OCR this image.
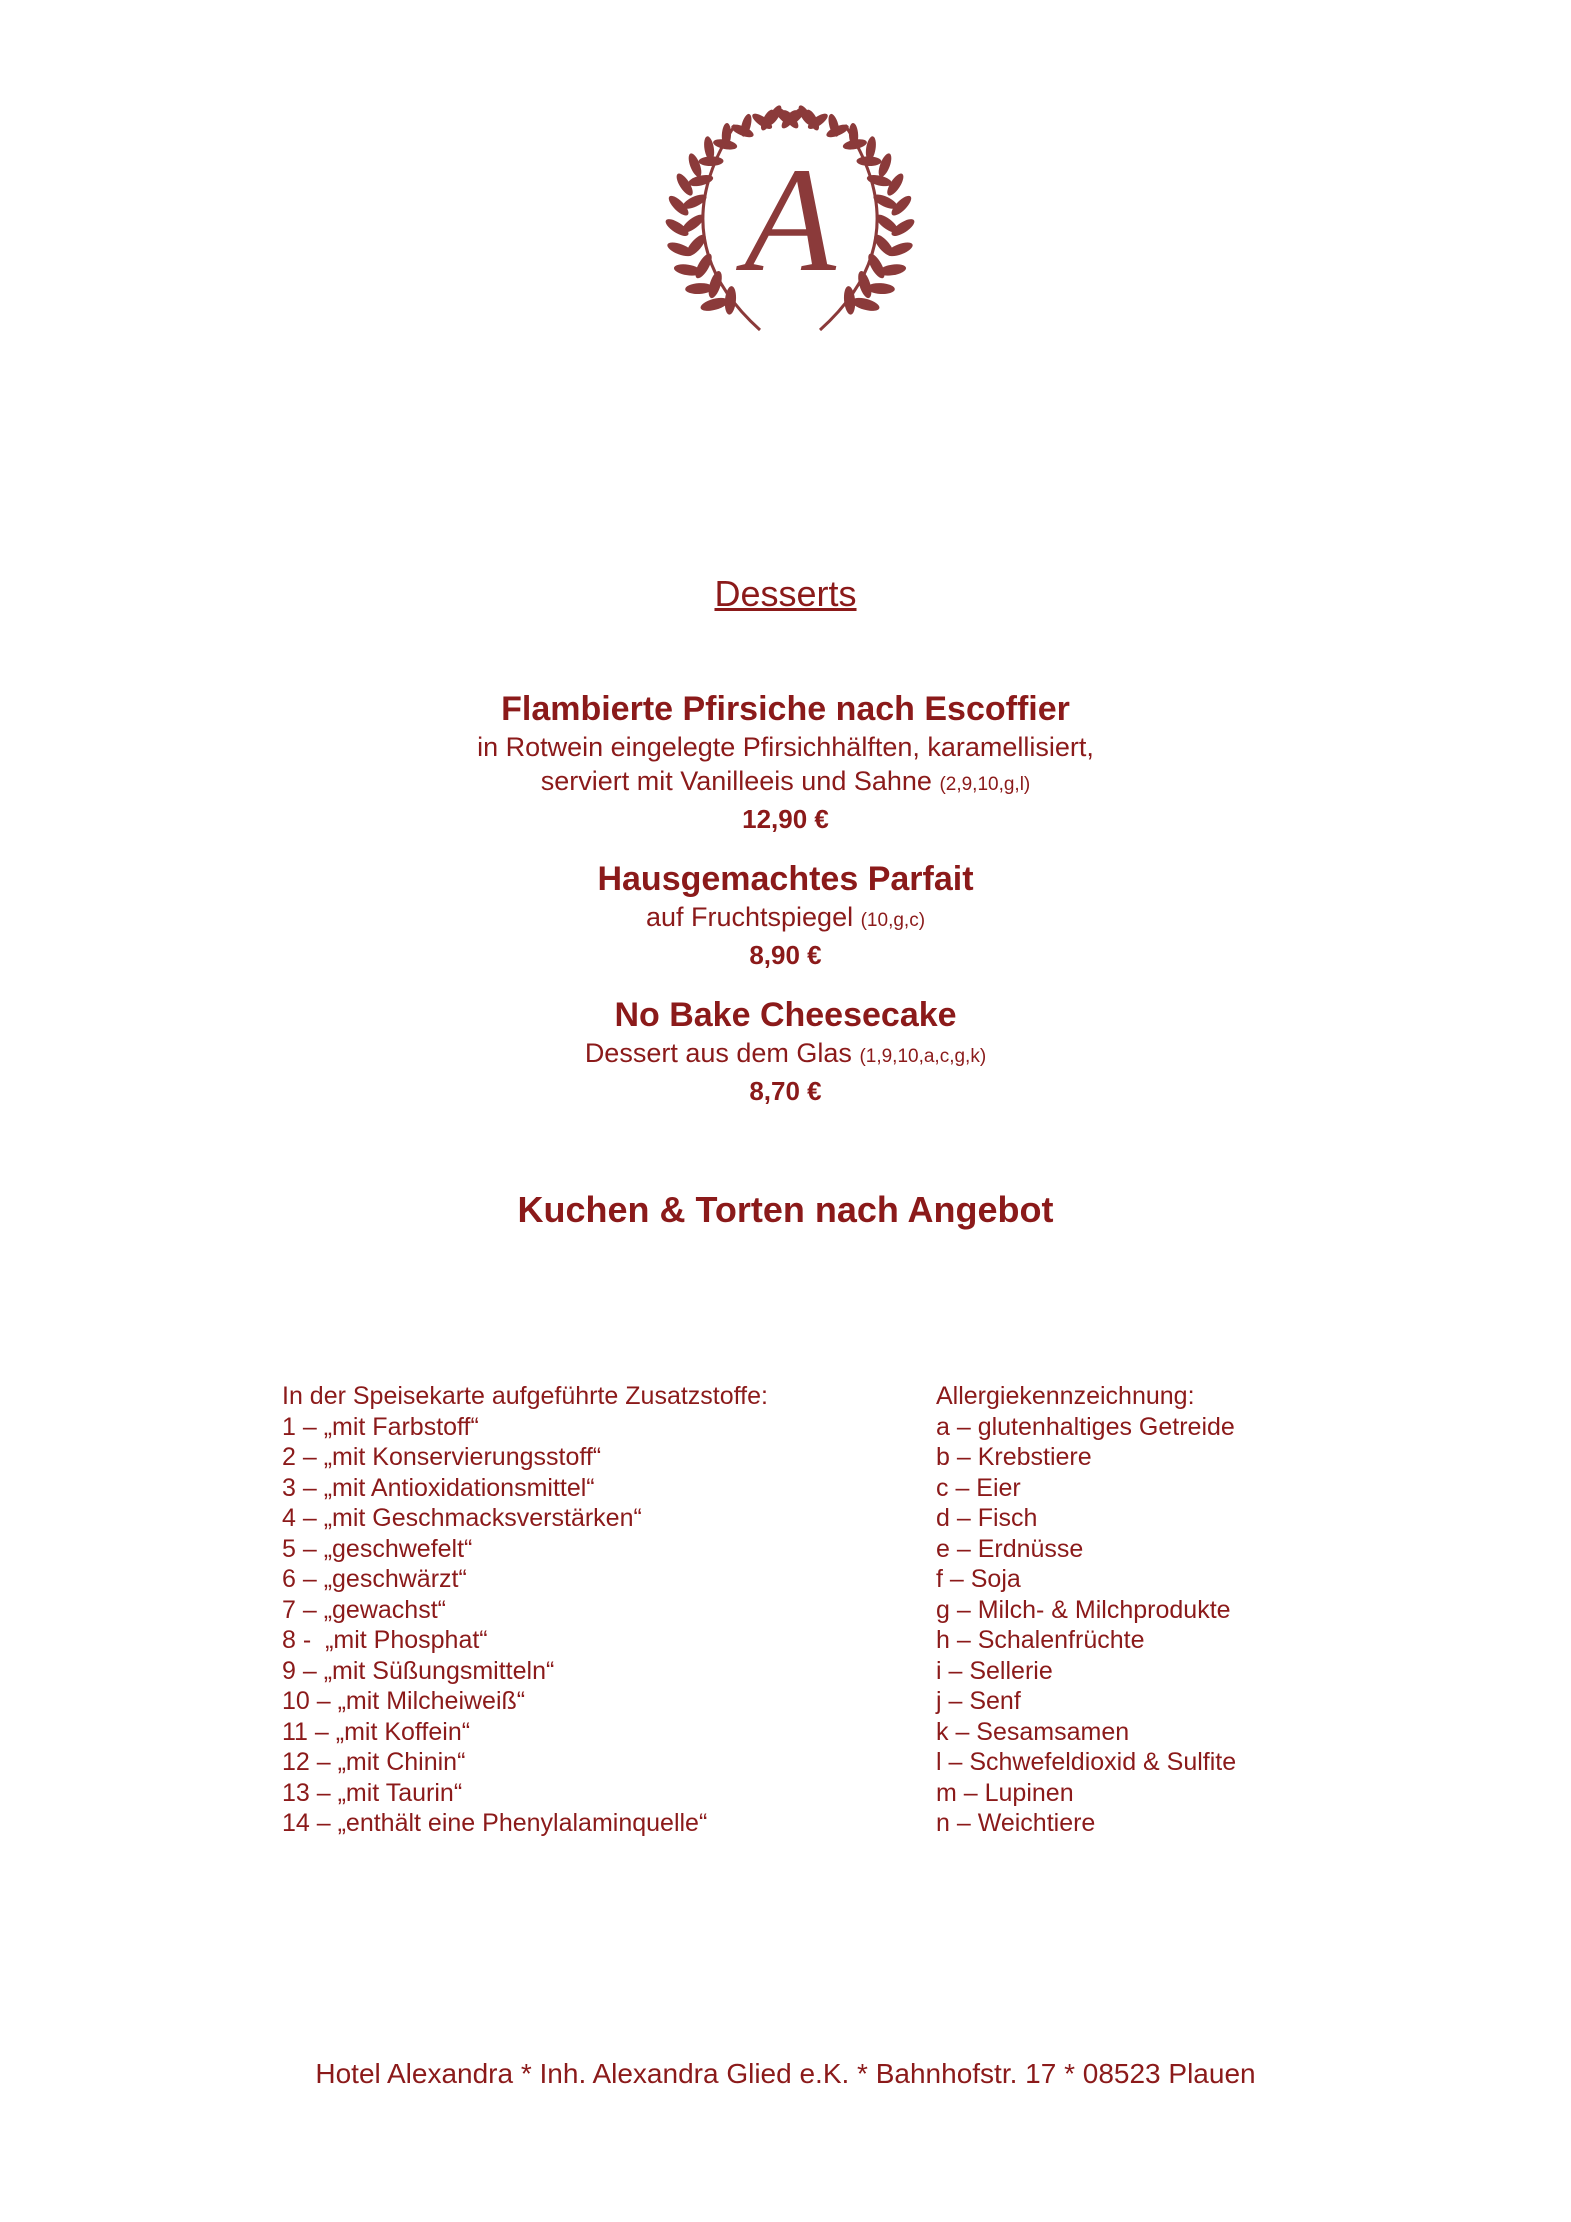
A
Desserts
Flambierte Pfirsiche nach Escoffier
in Rotwein eingelegte Pfirsichhälften, karamellisiert,
serviert mit Vanilleeis und Sahne (2,9,10,g,l)
12,90 €
Hausgemachtes Parfait
auf Fruchtspiegel (10,g,c)
8,90 €
No Bake Cheesecake
Dessert aus dem Glas (1,9,10,a,c,g,k)
8,70 €
Kuchen & Torten nach Angebot
In der Speisekarte aufgeführte Zusatzstoffe:
1 – „mit Farbstoff“
2 – „mit Konservierungsstoff“
3 – „mit Antioxidationsmittel“
4 – „mit Geschmacksverstärken“
5 – „geschwefelt“
6 – „geschwärzt“
7 – „gewachst“
8 -  „mit Phosphat“
9 – „mit Süßungsmitteln“
10 – „mit Milcheiweiß“
11 – „mit Koffein“
12 – „mit Chinin“
13 – „mit Taurin“
14 – „enthält eine Phenylalaminquelle“
Allergiekennzeichnung:
a – glutenhaltiges Getreide
b – Krebstiere
c – Eier
d – Fisch
e – Erdnüsse
f – Soja
g – Milch- & Milchprodukte
h – Schalenfrüchte
i – Sellerie
j – Senf
k – Sesamsamen
l – Schwefeldioxid & Sulfite
m – Lupinen
n – Weichtiere
Hotel Alexandra * Inh. Alexandra Glied e.K. * Bahnhofstr. 17 * 08523 Plauen
